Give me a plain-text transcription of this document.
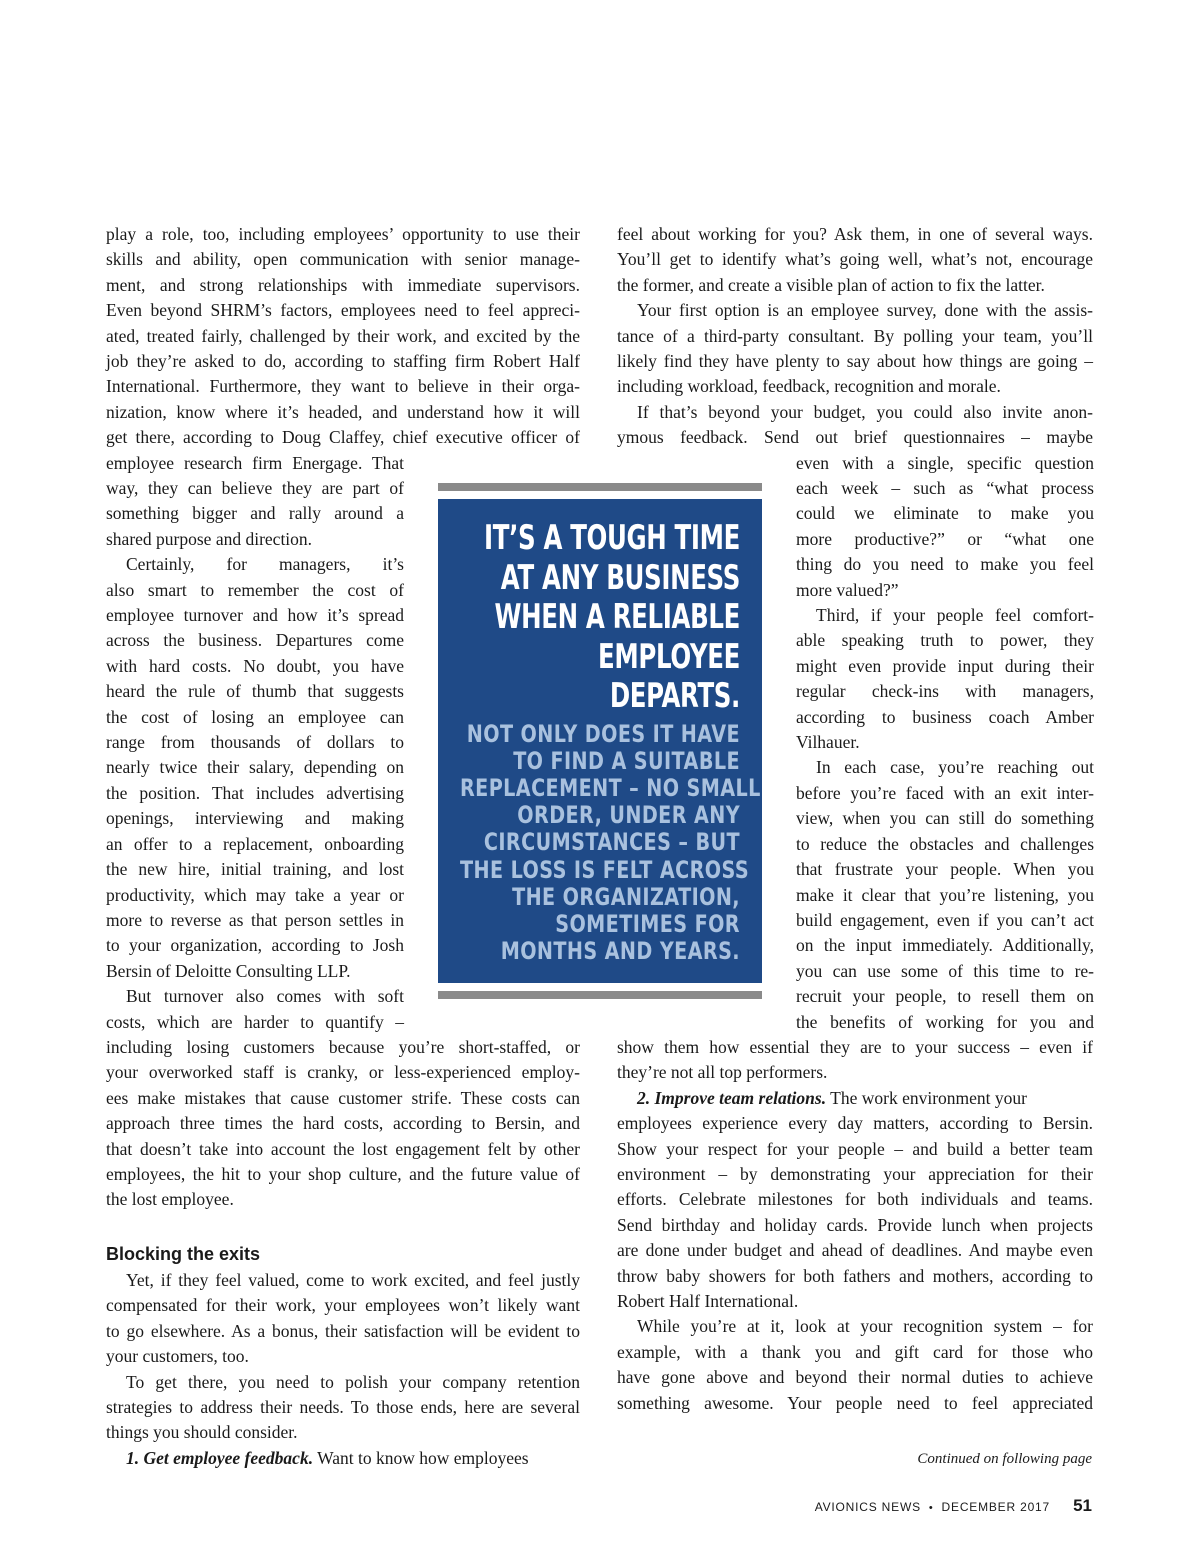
play a role, too, including employees’ opportunity to use their
skills and ability, open communication with senior manage-
ment, and strong relationships with immediate supervisors.
Even beyond SHRM’s factors, employees need to feel appreci-
ated, treated fairly, challenged by their work, and excited by the
job they’re asked to do, according to staffing firm Robert Half
International. Furthermore, they want to believe in their orga-
nization, know where it’s headed, and understand how it will
get there, according to Doug Claffey, chief executive officer of
employee research firm Energage. That
way, they can believe they are part of
something bigger and rally around a
shared purpose and direction.
Certainly, for managers, it’s
also smart to remember the cost of
employee turnover and how it’s spread
across the business. Departures come
with hard costs. No doubt, you have
heard the rule of thumb that suggests
the cost of losing an employee can
range from thousands of dollars to
nearly twice their salary, depending on
the position. That includes advertising
openings, interviewing and making
an offer to a replacement, onboarding
the new hire, initial training, and lost
productivity, which may take a year or
more to reverse as that person settles in
to your organization, according to Josh
Bersin of Deloitte Consulting LLP.
But turnover also comes with soft
costs, which are harder to quantify –
including losing customers because you’re short-staffed, or
your overworked staff is cranky, or less-experienced employ-
ees make mistakes that cause customer strife. These costs can
approach three times the hard costs, according to Bersin, and
that doesn’t take into account the lost engagement felt by other
employees, the hit to your shop culture, and the future value of
the lost employee.
Blocking the exits
Yet, if they feel valued, come to work excited, and feel justly
compensated for their work, your employees won’t likely want
to go elsewhere. As a bonus, their satisfaction will be evident to
your customers, too.
To get there, you need to polish your company retention
strategies to address their needs. To those ends, here are several
things you should consider.

1. Get employee feedback. Want to know how employees

IT’S A TOUGH TIME
AT ANY BUSINESS
WHEN A RELIABLE
EMPLOYEE
DEPARTS.
NOT ONLY DOES IT HAVE
TO FIND A SUITABLE
REPLACEMENT – NO SMALL
ORDER, UNDER ANY
CIRCUMSTANCES – BUT
THE LOSS IS FELT ACROSS
THE ORGANIZATION,
SOMETIMES FOR
MONTHS AND YEARS.
feel about working for you? Ask them, in one of several ways.
You’ll get to identify what’s going well, what’s not, encourage
the former, and create a visible plan of action to fix the latter.
Your first option is an employee survey, done with the assis-
tance of a third-party consultant. By polling your team, you’ll
likely find they have plenty to say about how things are going –
including workload, feedback, recognition and morale.
If that’s beyond your budget, you could also invite anon-
ymous feedback. Send out brief questionnaires – maybe
even with a single, specific question
each week – such as “what process
could we eliminate to make you
more productive?” or “what one
thing do you need to make you feel
more valued?”
Third, if your people feel comfort-
able speaking truth to power, they
might even provide input during their
regular check-ins with managers,
according to business coach Amber
Vilhauer.
In each case, you’re reaching out
before you’re faced with an exit inter-
view, when you can still do something
to reduce the obstacles and challenges
that frustrate your people. When you
make it clear that you’re listening, you
build engagement, even if you can’t act
on the input immediately. Additionally,
you can use some of this time to re-
recruit your people, to resell them on
the benefits of working for you and
show them how essential they are to your success – even if
they’re not all top performers.

2. Improve team relations. The work environment your

employees experience every day matters, according to Bersin.
Show your respect for your people – and build a better team
environment – by demonstrating your appreciation for their
efforts. Celebrate milestones for both individuals and teams.
Send birthday and holiday cards. Provide lunch when projects
are done under budget and ahead of deadlines. And maybe even
throw baby showers for both fathers and mothers, according to
Robert Half International.
While you’re at it, look at your recognition system – for
example, with a thank you and gift card for those who
have gone above and beyond their normal duties to achieve
something awesome. Your people need to feel appreciated
Continued on following page
AVIONICS NEWS • DECEMBER 2017 51
